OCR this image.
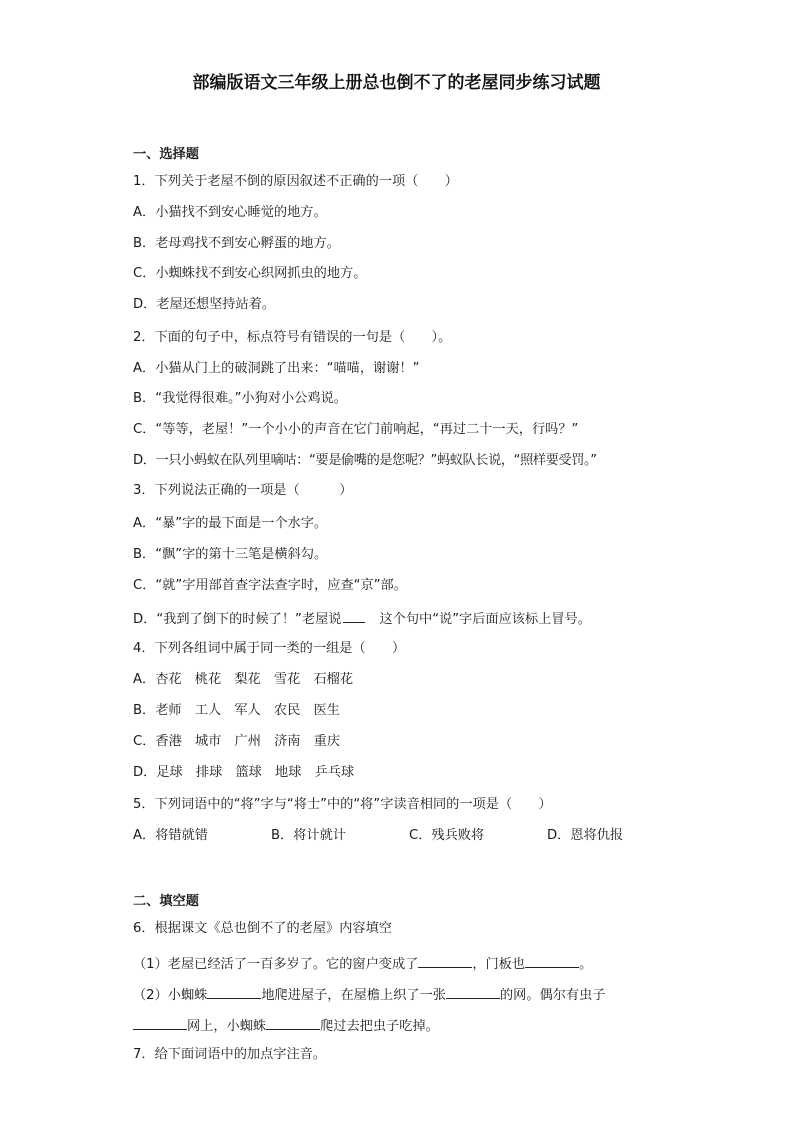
部编版语文三年级上册总也倒不了的老屋同步练习试题
一、选择题
1．下列关于老屋不倒的原因叙述不正确的一项（　　）
A．小猫找不到安心睡觉的地方。
B．老母鸡找不到安心孵蛋的地方。
C．小蜘蛛找不到安心织网抓虫的地方。
D．老屋还想坚持站着。
2．下面的句子中，标点符号有错误的一句是（　　）。
A．小猫从门上的破洞跳了出来：“喵喵，谢谢！”
B．“我觉得很难。”小狗对小公鸡说。
C．“等等，老屋！”一个小小的声音在它门前响起，“再过二十一天，行吗？”
D．一只小蚂蚁在队列里嘀咕：“要是偷嘴的是您呢？”蚂蚁队长说，“照样要受罚。”
3．下列说法正确的一项是（　　　）
A．“暴”字的最下面是一个水字。
B．“飘”字的第十三笔是横斜勾。
C．“就”字用部首查字法查字时，应查“京”部。
D．“我到了倒下的时候了！”老屋说	这个句中“说”字后面应该标上冒号。
4．下列各组词中属于同一类的一组是（　　）
A．杏花　桃花　梨花　雪花　石榴花
B．老师　工人　军人　农民　医生
C．香港　城市　广州　济南　重庆
D．足球　排球　篮球　地球　乒乓球
5．下列词语中的“将”字与“将士”中的“将”字读音相同的一项是（　　）
A．将错就错	B．将计就计	C．残兵败将	D．恩将仇报
二、填空题
6．根据课文《总也倒不了的老屋》内容填空
（1）老屋已经活了一百多岁了。它的窗户变成了	，门板也	。
（2）小蜘蛛	地爬进屋子，在屋檐上织了一张	的网。偶尔有虫子
网上，小蜘蛛	爬过去把虫子吃掉。
7．给下面词语中的加点字注音。
